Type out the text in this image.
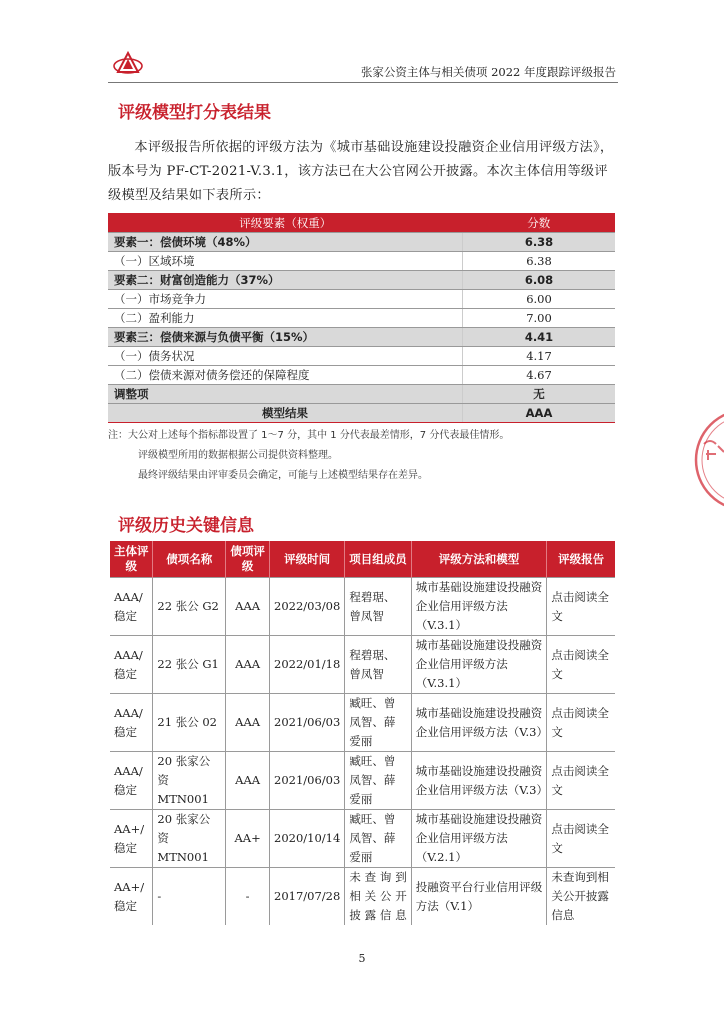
张家公资主体与相关债项 2022 年度跟踪评级报告
评级模型打分表结果

本评级报告所依据的评级方法为《城市基础设施建设投融资企业信用评级方法》，版本号为 PF-CT-2021-V.3.1，该方法已在大公官网公开披露。本次主体信用等级评级模型及结果如下表所示：

评级要素（权重）	分数
要素一：偿债环境（48%）	6.38
（一）区域环境	6.38
要素二：财富创造能力（37%）	6.08
（一）市场竞争力	6.00
（二）盈利能力	7.00
要素三：偿债来源与负债平衡（15%）	4.41
（一）债务状况	4.17
（二）偿债来源对债务偿还的保障程度	4.67
调整项	无
模型结果	AAA
注：大公对上述每个指标都设置了 1～7 分，其中 1 分代表最差情形，7 分代表最佳情形。
评级模型所用的数据根据公司提供资料整理。
最终评级结果由评审委员会确定，可能与上述模型结果存在差异。
评级历史关键信息
主体评级	债项名称	债项评级	评级时间	项目组成员	评级方法和模型	评级报告
AAA/稳定	22 张公 G2	AAA	2022/03/08	程碧琚、曾凤智	城市基础设施建设投融资企业信用评级方法（V.3.1）	点击阅读全文
AAA/稳定	22 张公 G1	AAA	2022/01/18	程碧琚、曾凤智	城市基础设施建设投融资企业信用评级方法（V.3.1）	点击阅读全文
AAA/稳定	21 张公 02	AAA	2021/06/03	臧旺、曾凤智、薛爱丽	城市基础设施建设投融资企业信用评级方法（V.3）	点击阅读全文
AAA/稳定	20 张家公资 MTN001	AAA	2021/06/03	臧旺、曾凤智、薛爱丽	城市基础设施建设投融资企业信用评级方法（V.3）	点击阅读全文
AA+/稳定	20 张家公资 MTN001	AA+	2020/10/14	臧旺、曾凤智、薛爱丽	城市基础设施建设投融资企业信用评级方法（V.2.1）	点击阅读全文
AA+/稳定	-	-	2017/07/28	未查询到相关公开披露信息	投融资平台行业信用评级方法（V.1）	未查询到相关公开披露信息
5
